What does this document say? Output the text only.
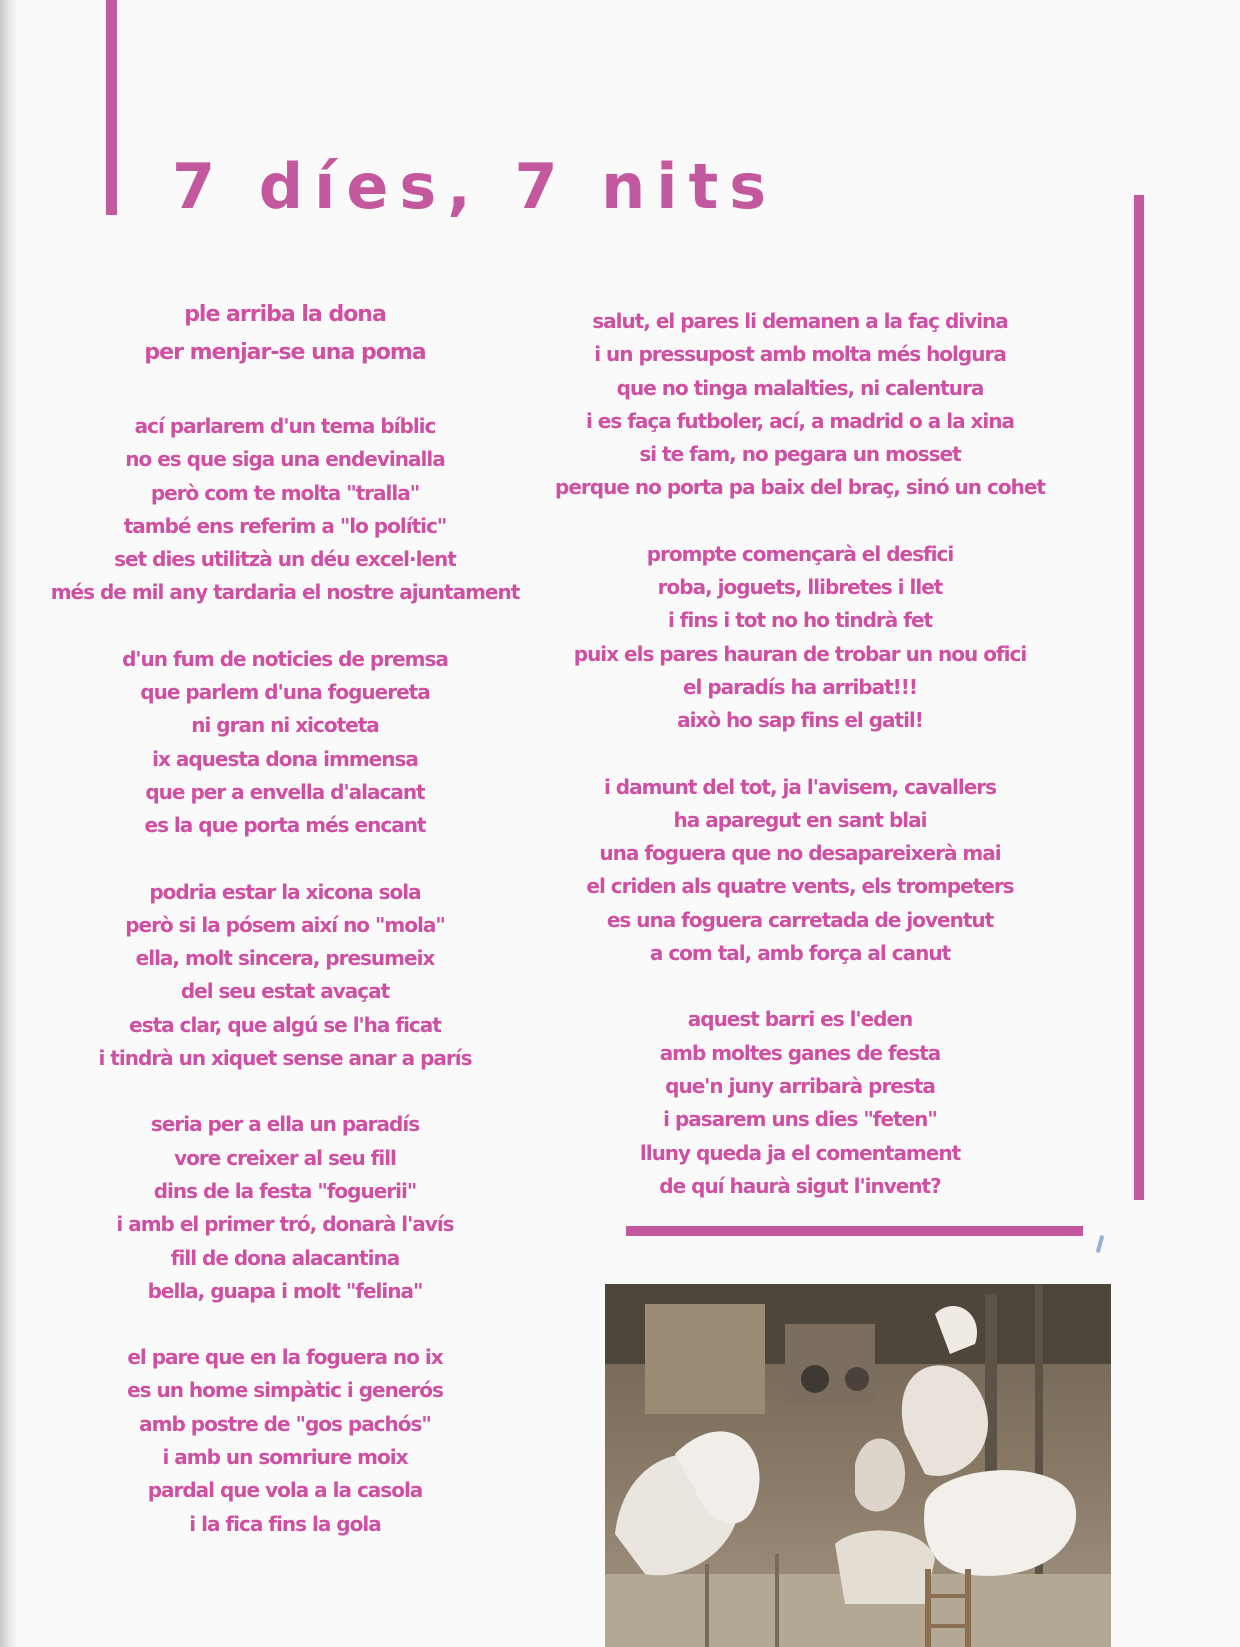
7 díes, 7 nits

ple arriba la dona
per menjar-se una poma

ací parlarem d'un tema bíblic
no es que siga una endevinalla
però com te molta "tralla"
també ens referim a "lo polític"
set dies utilitzà un déu excel·lent
més de mil any tardaria el nostre ajuntament

d'un fum de noticies de premsa
que parlem d'una foguereta
ni gran ni xicoteta
ix aquesta dona immensa
que per a envella d'alacant
es la que porta més encant

podria estar la xicona sola
però si la pósem així no "mola"
ella, molt sincera, presumeix
del seu estat avaçat
esta clar, que algú se l'ha ficat
i tindrà un xiquet sense anar a parís

seria per a ella un paradís
vore creixer al seu fill
dins de la festa "foguerii"
i amb el primer tró, donarà l'avís
fill de dona alacantina
bella, guapa i molt "felina"

el pare que en la foguera no ix
es un home simpàtic i generós
amb postre de "gos pachós"
i amb un somriure moix
pardal que vola a la casola
i la fica fins la gola

salut, el pares li demanen a la faç divina
i un pressupost amb molta més holgura
que no tinga malalties, ni calentura
i es faça futboler, ací, a madrid o a la xina
si te fam, no pegara un mosset
perque no porta pa baix del braç, sinó un cohet

prompte començarà el desfici
roba, joguets, llibretes i llet
i fins i tot no ho tindrà fet
puix els pares hauran de trobar un nou ofici
el paradís ha arribat!!!
això ho sap fins el gatil!

i damunt del tot, ja l'avisem, cavallers
ha aparegut en sant blai
una foguera que no desapareixerà mai
el criden als quatre vents, els trompeters
es una foguera carretada de joventut
a com tal, amb força al canut

aquest barri es l'eden
amb moltes ganes de festa
que'n juny arribarà presta
i pasarem uns dies "feten"
lluny queda ja el comentament
de quí haurà sigut l'invent?
